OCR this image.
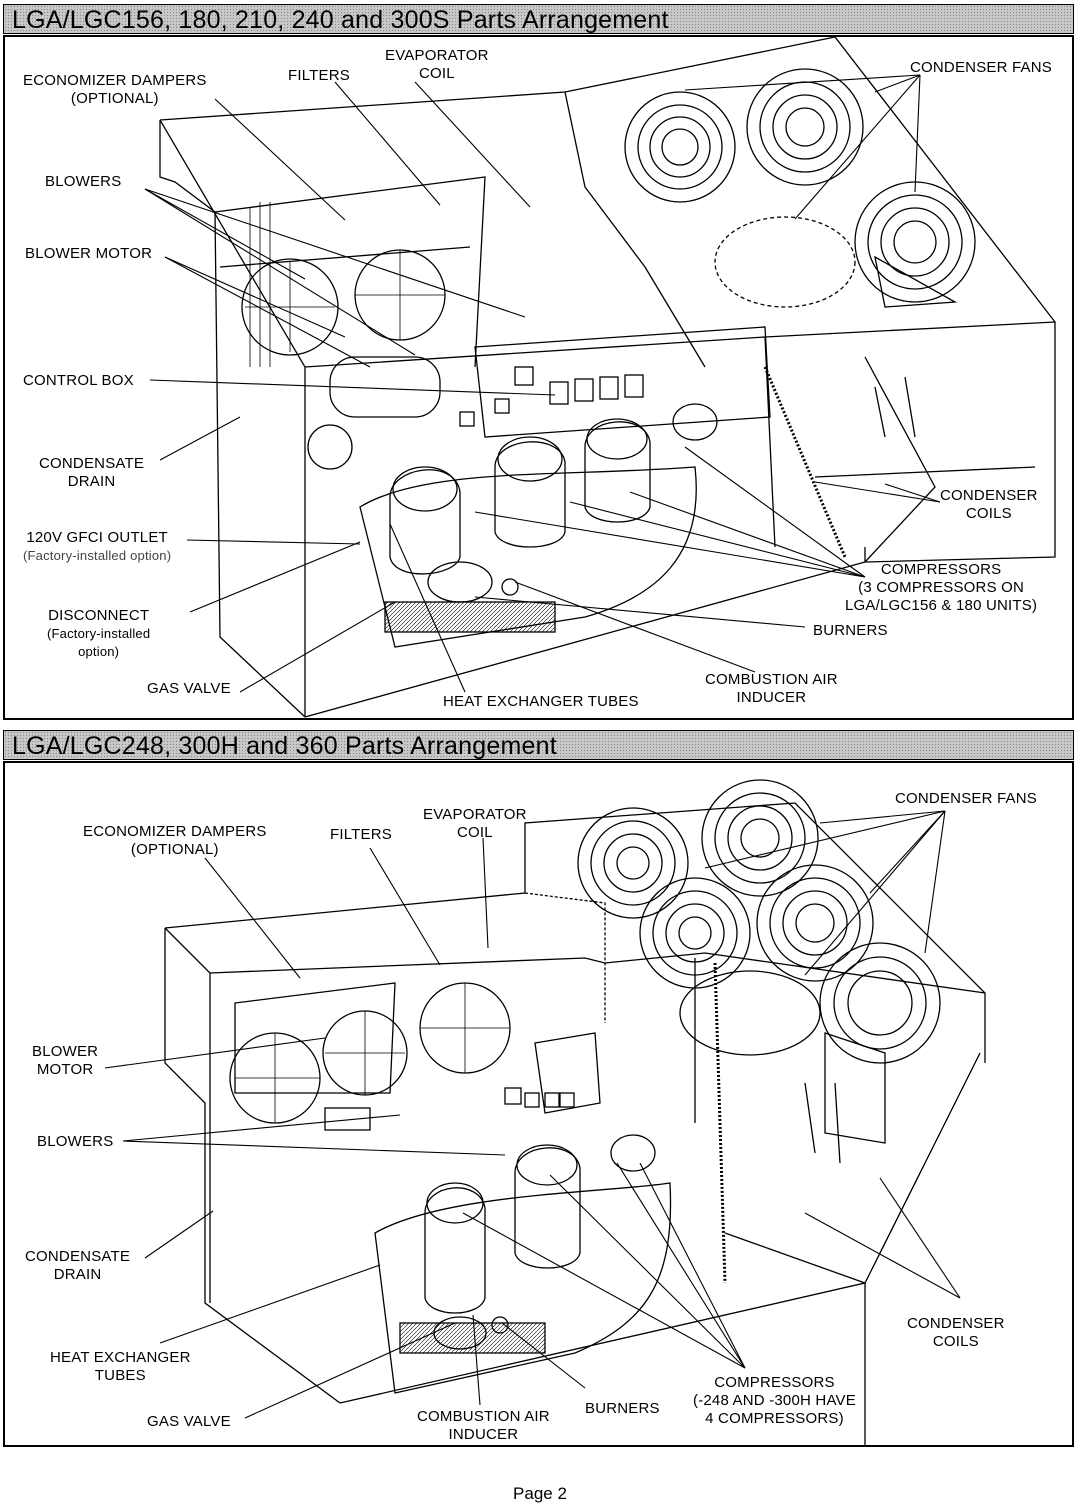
LGA/LGC156, 180, 210, 240 and 300S Parts Arrangement
ECONOMIZER DAMPERS
(OPTIONAL)
FILTERS
EVAPORATOR
COIL	CONDENSER FANS
BLOWERS
BLOWER MOTOR
CONTROL BOX
CONDENSATE
DRAIN
120V GFCI OUTLET
(Factory-installed option)
DISCONNECT
(Factory-installed
option)
GAS VALVE
HEAT EXCHANGER TUBES
COMBUSTION AIR
INDUCER
BURNERS
COMPRESSORS
(3 COMPRESSORS ON
LGA/LGC156 & 180 UNITS)
CONDENSER
COILS
LGA/LGC248, 300H and 360 Parts Arrangement
ECONOMIZER DAMPERS
(OPTIONAL)
FILTERS
EVAPORATOR
COIL
CONDENSER FANS
BLOWER
MOTOR
BLOWERS
CONDENSATE
DRAIN
HEAT EXCHANGER
TUBES
GAS VALVE	COMBUSTION AIR
INDUCER
BURNERS
COMPRESSORS
(-248 AND -300H HAVE
4 COMPRESSORS)
CONDENSER
COILS
Page 2
